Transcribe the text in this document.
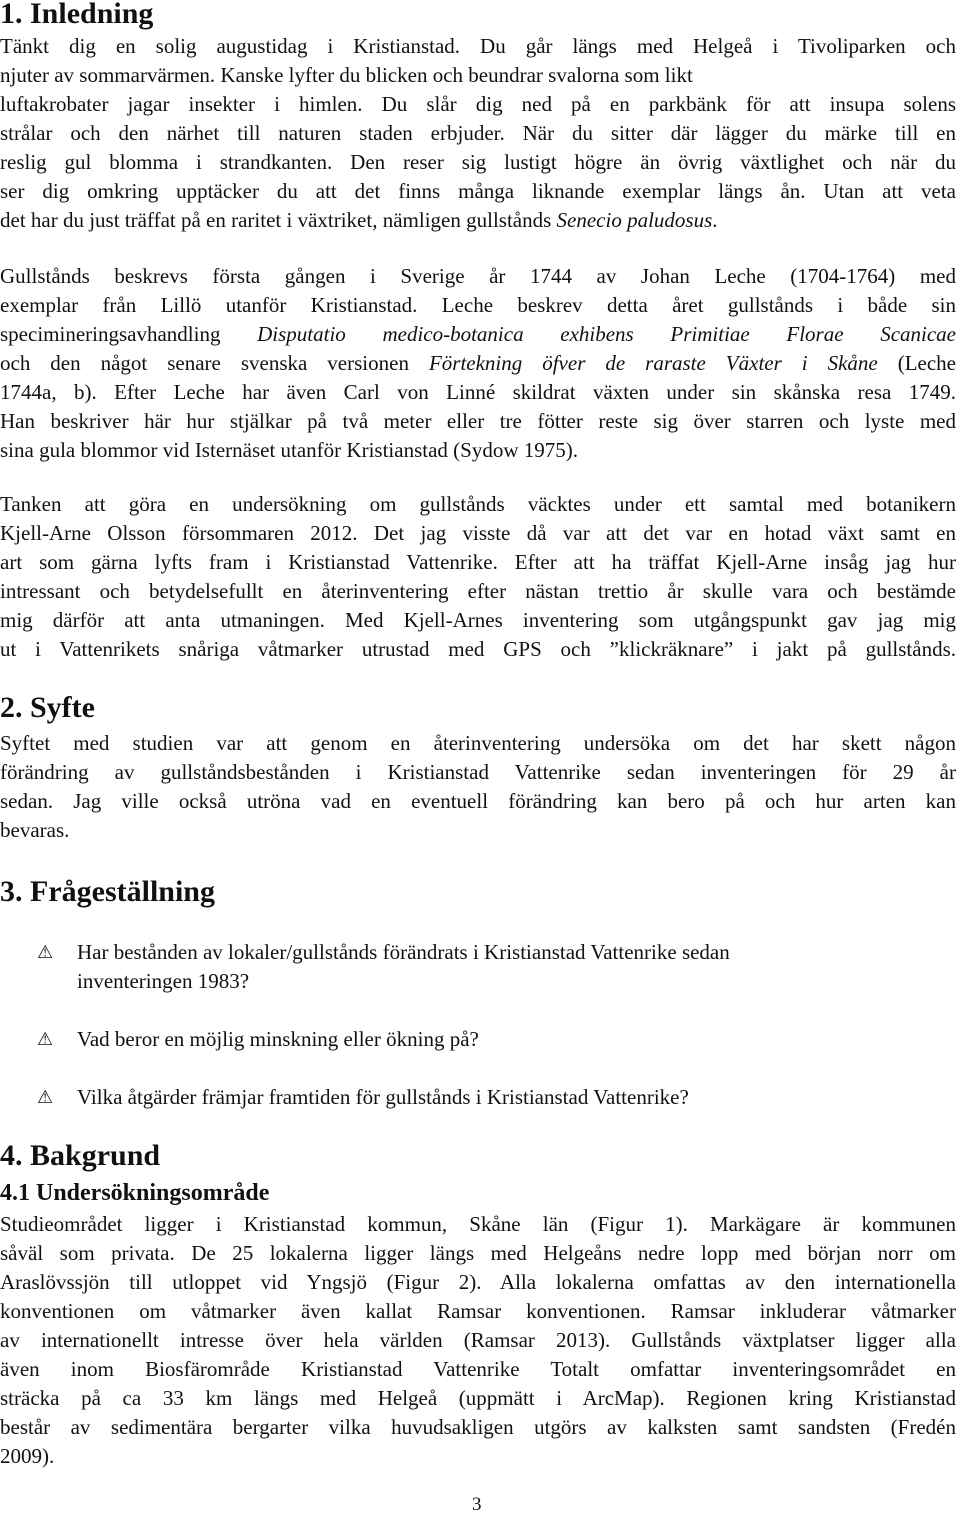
1. Inledning
Tänkt dig en solig augustidag i Kristianstad. Du går längs med Helgeå i Tivoliparken och
njuter av sommarvärmen. Kanske lyfter du blicken och beundrar svalorna som likt
luftakrobater jagar insekter i himlen. Du slår dig ned på en parkbänk för att insupa solens
strålar och den närhet till naturen staden erbjuder. När du sitter där lägger du märke till en
reslig gul blomma i strandkanten. Den reser sig lustigt högre än övrig växtlighet och när du
ser dig omkring upptäcker du att det finns många liknande exemplar längs ån. Utan att veta
det har du just träffat på en raritet i växtriket, nämligen gullstånds Senecio paludosus.
Gullstånds beskrevs första gången i Sverige år 1744 av Johan Leche (1704-1764) med
exemplar från Lillö utanför Kristianstad. Leche beskrev detta året gullstånds i både sin
specimineringsavhandling Disputatio medico-botanica exhibens Primitiae Florae Scanicae
och den något senare svenska versionen Förtekning öfver de raraste Växter i Skåne (Leche
1744a, b). Efter Leche har även Carl von Linné skildrat växten under sin skånska resa 1749.
Han beskriver här hur stjälkar på två meter eller tre fötter reste sig över starren och lyste med
sina gula blommor vid Isternäset utanför Kristianstad (Sydow 1975).
Tanken att göra en undersökning om gullstånds väcktes under ett samtal med botanikern
Kjell-Arne Olsson försommaren 2012. Det jag visste då var att det var en hotad växt samt en
art som gärna lyfts fram i Kristianstad Vattenrike. Efter att ha träffat Kjell-Arne insåg jag hur
intressant och betydelsefullt en återinventering efter nästan trettio år skulle vara och bestämde
mig därför att anta utmaningen. Med Kjell-Arnes inventering som utgångspunkt gav jag mig
ut i Vattenrikets snåriga våtmarker utrustad med GPS och ”klickräknare” i jakt på gullstånds.
2. Syfte
Syftet med studien var att genom en återinventering undersöka om det har skett någon
förändring av gullståndsbestånden i Kristianstad Vattenrike sedan inventeringen för 29 år
sedan. Jag ville också utröna vad en eventuell förändring kan bero på och hur arten kan
bevaras.
3. Frågeställning
⚠ Har bestånden av lokaler/gullstånds förändrats i Kristianstad Vattenrike sedan
inventeringen 1983?
⚠ Vad beror en möjlig minskning eller ökning på?
⚠ Vilka åtgärder främjar framtiden för gullstånds i Kristianstad Vattenrike?
4. Bakgrund
4.1 Undersökningsområde
Studieområdet ligger i Kristianstad kommun, Skåne län (Figur 1). Markägare är kommunen
såväl som privata. De 25 lokalerna ligger längs med Helgeåns nedre lopp med början norr om
Araslövssjön till utloppet vid Yngsjö (Figur 2). Alla lokalerna omfattas av den internationella
konventionen om våtmarker även kallat Ramsar konventionen. Ramsar inkluderar våtmarker
av internationellt intresse över hela världen (Ramsar 2013). Gullstånds växtplatser ligger alla
även inom Biosfärområde Kristianstad Vattenrike Totalt omfattar inventeringsområdet en
sträcka på ca 33 km längs med Helgeå (uppmätt i ArcMap). Regionen kring Kristianstad
består av sedimentära bergarter vilka huvudsakligen utgörs av kalksten samt sandsten (Fredén
2009).
3
